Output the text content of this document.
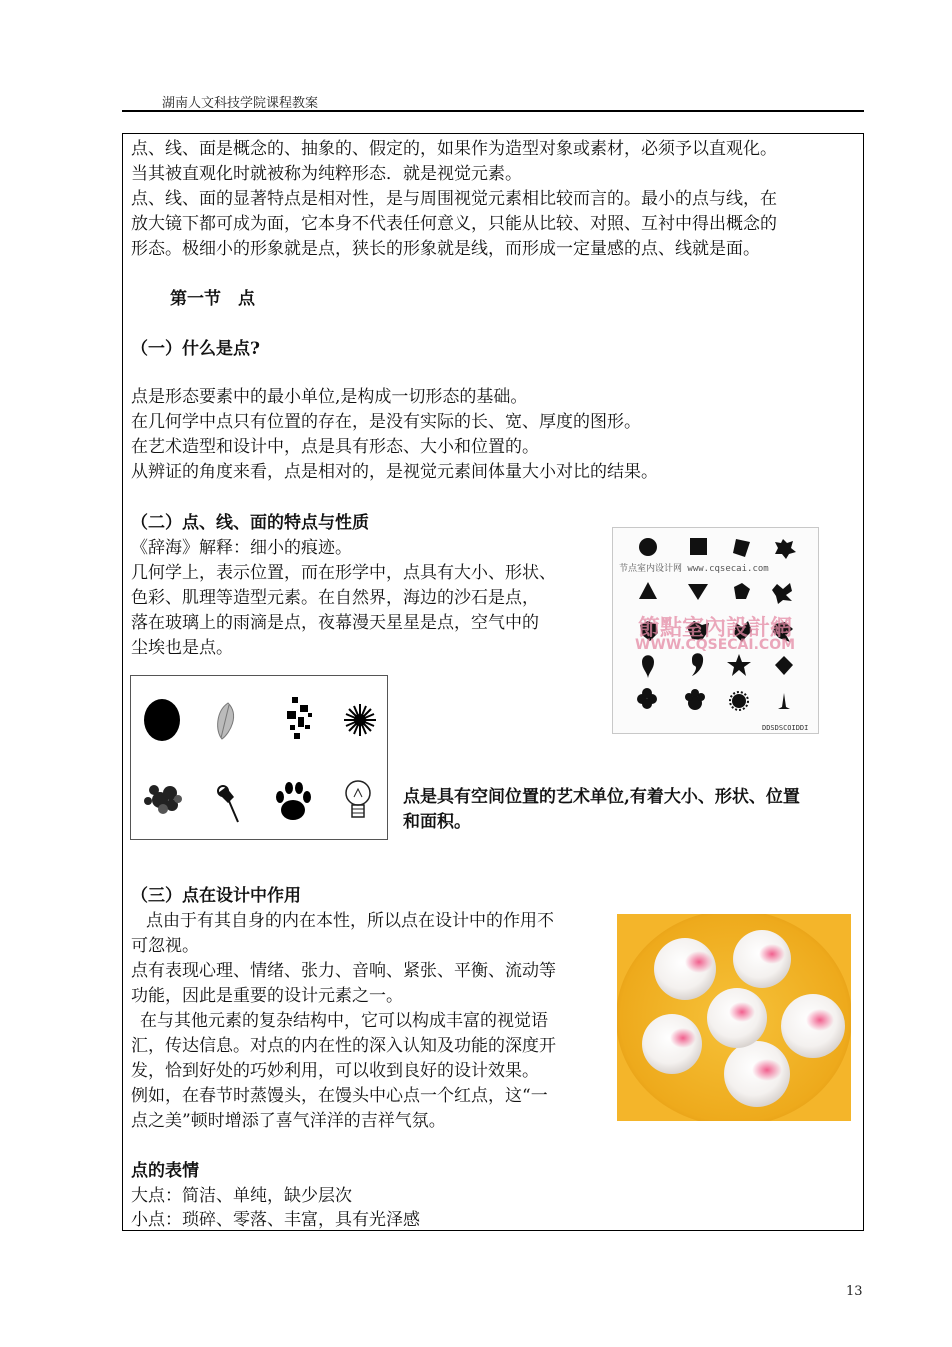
湖南人文科技学院课程教案
点、线、面是概念的、抽象的、假定的，如果作为造型对象或素材，必须予以直观化。
当其被直观化时就被称为纯粹形态．就是视觉元素。
点、线、面的显著特点是相对性，是与周围视觉元素相比较而言的。最小的点与线，在
放大镜下都可成为面，它本身不代表任何意义，只能从比较、对照、互衬中得出概念的
形态。极细小的形象就是点，狭长的形象就是线，而形成一定量感的点、线就是面。
第一节　点
（一）什么是点?
点是形态要素中的最小单位,是构成一切形态的基础。
在几何学中点只有位置的存在，是没有实际的长、宽、厚度的图形。
在艺术造型和设计中，点是具有形态、大小和位置的。
从辨证的角度来看，点是相对的，是视觉元素间体量大小对比的结果。
（二）点、线、面的特点与性质
《辞海》解释：细小的痕迹。
几何学上，表示位置，而在形学中，点具有大小、形状、
色彩、肌理等造型元素。在自然界，海边的沙石是点，
落在玻璃上的雨滴是点，夜幕漫天星星是点，空气中的
尘埃也是点。
节点室内设计网 www.cqsecai.com
節點室內設計網
WWW.CQSECAI.COM
DDSDSCOIDDI
点是具有空间位置的艺术单位,有着大小、形状、位置
和面积。
（三）点在设计中作用
点由于有其自身的内在本性，所以点在设计中的作用不
可忽视。
点有表现心理、情绪、张力、音响、紧张、平衡、流动等
功能，因此是重要的设计元素之一。
在与其他元素的复杂结构中，它可以构成丰富的视觉语
汇，传达信息。对点的内在性的深入认知及功能的深度开
发，恰到好处的巧妙利用，可以收到良好的设计效果。
例如，在春节时蒸馒头，在馒头中心点一个红点，这“一
点之美”顿时增添了喜气洋洋的吉祥气氛。
点的表情
大点：简洁、单纯，缺少层次
小点：琐碎、零落、丰富，具有光泽感
13
